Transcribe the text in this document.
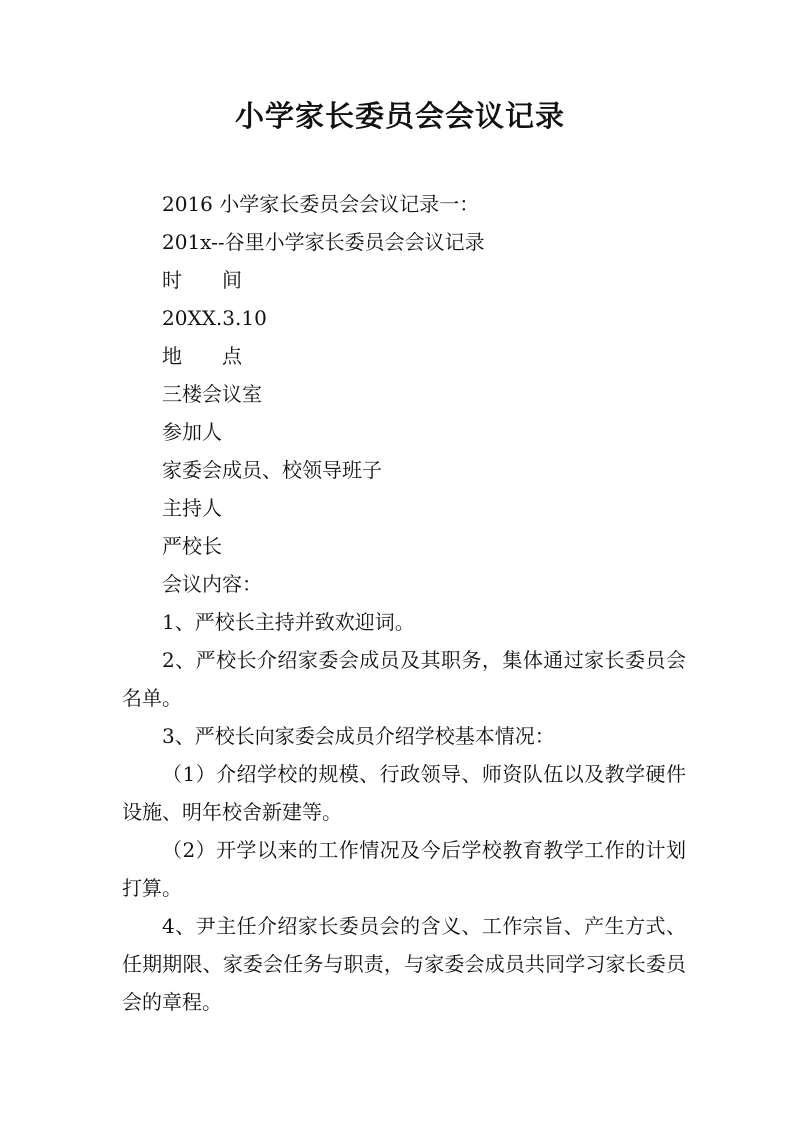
小学家长委员会会议记录

2016 小学家长委员会会议记录一：

201x--谷里小学家长委员会会议记录

时　　间

20XX.3.10

地　　点

三楼会议室

参加人

家委会成员、校领导班子

主持人

严校长

会议内容：

1、严校长主持并致欢迎词。

2、严校长介绍家委会成员及其职务，集体通过家长委员会名单。

3、严校长向家委会成员介绍学校基本情况：

（1）介绍学校的规模、行政领导、师资队伍以及教学硬件设施、明年校舍新建等。

（2）开学以来的工作情况及今后学校教育教学工作的计划打算。

4、尹主任介绍家长委员会的含义、工作宗旨、产生方式、任期期限、家委会任务与职责，与家委会成员共同学习家长委员会的章程。
